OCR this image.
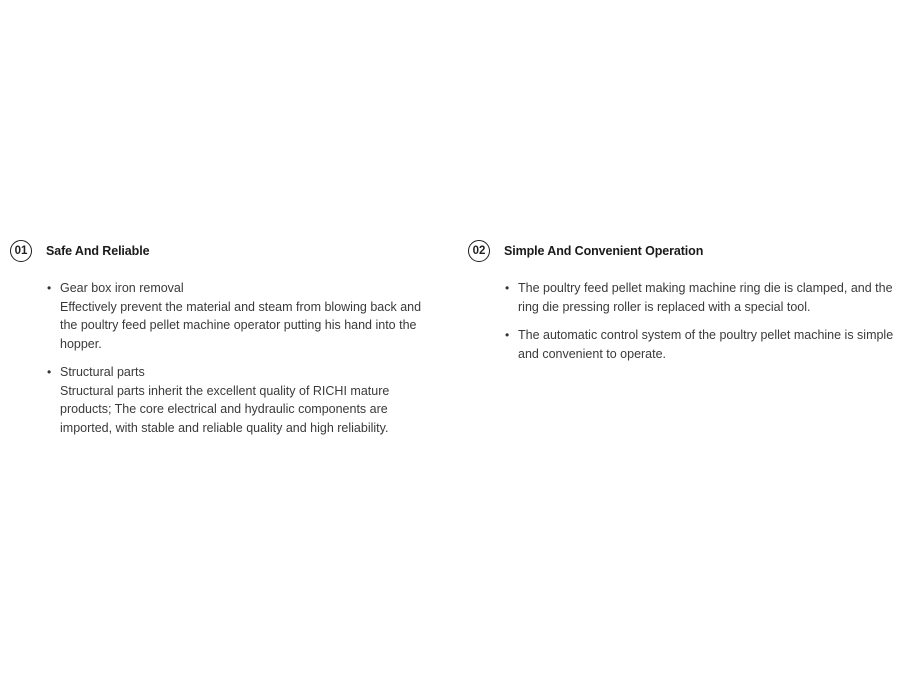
01	Safe And Reliable
• Gear box iron removal
Effectively prevent the material and steam from blowing back and the poultry feed pellet machine operator putting his hand into the hopper.
• Structural parts
Structural parts inherit the excellent quality of RICHI mature products; The core electrical and hydraulic components are imported, with stable and reliable quality and high reliability.
02	Simple And Convenient Operation
• The poultry feed pellet making machine ring die is clamped, and the ring die pressing roller is replaced with a special tool.
• The automatic control system of the poultry pellet machine is simple and convenient to operate.
